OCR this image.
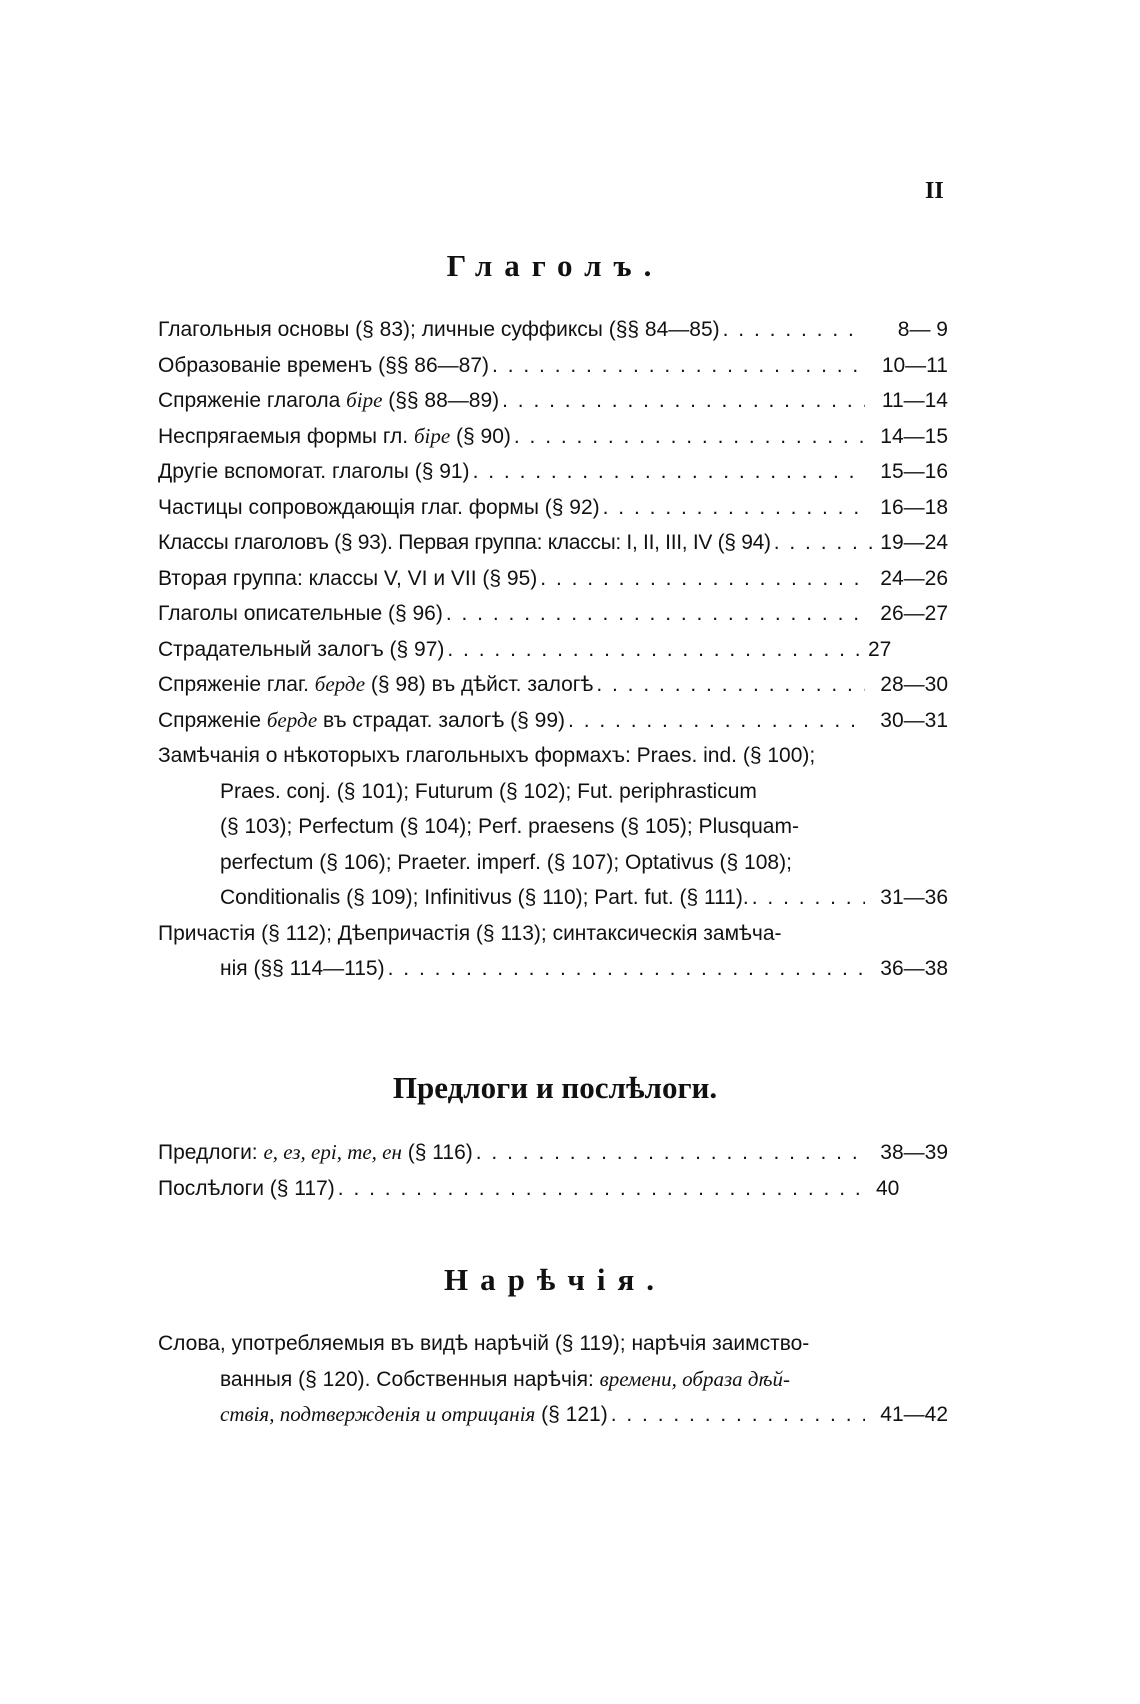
II
Глаголъ.
Глагольныя основы (§ 83); личные суффиксы (§§ 84—85) . . .	8— 9
Образованіе временъ (§§ 86—87) . . .	10—11
Спряженіе глагола біре (§§ 88—89) . . .	11—14
Неспрягаемыя формы гл. біре (§ 90) . . .	14—15
Другіе вспомогат. глаголы (§ 91) . . .	15—16
Частицы сопровождающія глаг. формы (§ 92) . . .	16—18
Классы глаголовъ (§ 93). Первая группа: классы: I, II, III, IV (§ 94) . . .	19—24
Вторая группа: классы V, VI и VII (§ 95) . . .	24—26
Глаголы описательные (§ 96) . . .	26—27
Страдательный залогъ (§ 97) . . .	27
Спряженіе глаг. берде (§ 98) въ дѣйст. залогѣ . . .	28—30
Спряженіе берде въ страдат. залогѣ (§ 99) . . .	30—31
Замѣчанія о нѣкоторыхъ глагольныхъ формахъ: Praes. ind. (§ 100);
Praes. conj. (§ 101); Futurum (§ 102); Fut. periphrasticum
(§ 103); Perfectum (§ 104); Perf. praesens (§ 105); Plusquam-
perfectum (§ 106); Praeter. imperf. (§ 107); Optativus (§ 108);
Conditionalis (§ 109); Infinitivus (§ 110); Part. fut. (§ 111). . . .	31—36
Причастія (§ 112); Дѣепричастія (§ 113); синтаксическія замѣча-
нія (§§ 114—115) . . .	36—38
Предлоги и послѣлоги.
Предлоги: е, ез, ері, те, ен (§ 116) . . .	38—39
Послѣлоги (§ 117) . . .	40
Нарѣчія.
Слова, употребляемыя въ видѣ нарѣчій (§ 119); нарѣчія заимство-
ванныя (§ 120). Собственныя нарѣчія: времени, образа дѣй-
ствія, подтвержденія и отрицанія (§ 121) . . .	41—42
